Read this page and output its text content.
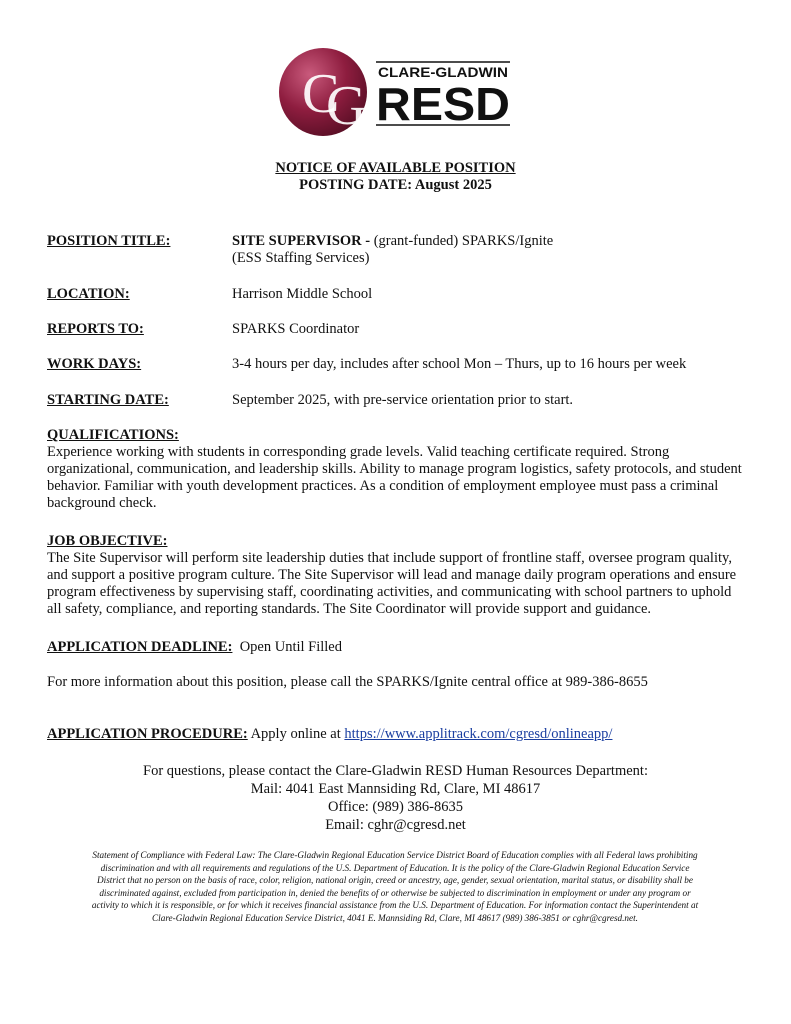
C
G
CLARE-GLADWIN
RESD
NOTICE OF AVAILABLE POSITION
POSTING DATE: August 2025
POSITION TITLE:	SITE SUPERVISOR - (grant-funded) SPARKS/Ignite
(ESS Staffing Services)
LOCATION:	Harrison Middle School
REPORTS TO:	SPARKS Coordinator
WORK DAYS:	3-4 hours per day, includes after school Mon – Thurs, up to 16 hours per week
STARTING DATE:	September 2025, with pre-service orientation prior to start.
QUALIFICATIONS:
Experience working with students in corresponding grade levels. Valid teaching certificate required. Strong organizational, communication, and leadership skills. Ability to manage program logistics, safety protocols, and student behavior. Familiar with youth development practices. As a condition of employment employee must pass a criminal background check.
JOB OBJECTIVE:
The Site Supervisor will perform site leadership duties that include support of frontline staff, oversee program quality, and support a positive program culture. The Site Supervisor will lead and manage daily program operations and ensure program effectiveness by supervising staff, coordinating activities, and communicating with school partners to uphold all safety, compliance, and reporting standards. The Site Coordinator will provide support and guidance.
APPLICATION DEADLINE: Open Until Filled
For more information about this position, please call the SPARKS/Ignite central office at 989-386-8655
APPLICATION PROCEDURE: Apply online at https://www.applitrack.com/cgresd/onlineapp/
For questions, please contact the Clare-Gladwin RESD Human Resources Department:
Mail: 4041 East Mannsiding Rd, Clare, MI 48617
Office: (989) 386-8635
Email: cghr@cgresd.net
Statement of Compliance with Federal Law: The Clare-Gladwin Regional Education Service District Board of Education complies with all Federal laws prohibiting
discrimination and with all requirements and regulations of the U.S. Department of Education. It is the policy of the Clare-Gladwin Regional Education Service
District that no person on the basis of race, color, religion, national origin, creed or ancestry, age, gender, sexual orientation, marital status, or disability shall be
discriminated against, excluded from participation in, denied the benefits of or otherwise be subjected to discrimination in employment or under any program or
activity to which it is responsible, or for which it receives financial assistance from the U.S. Department of Education. For information contact the Superintendent at
Clare-Gladwin Regional Education Service District, 4041 E. Mannsiding Rd, Clare, MI 48617 (989) 386-3851 or cghr@cgresd.net.
